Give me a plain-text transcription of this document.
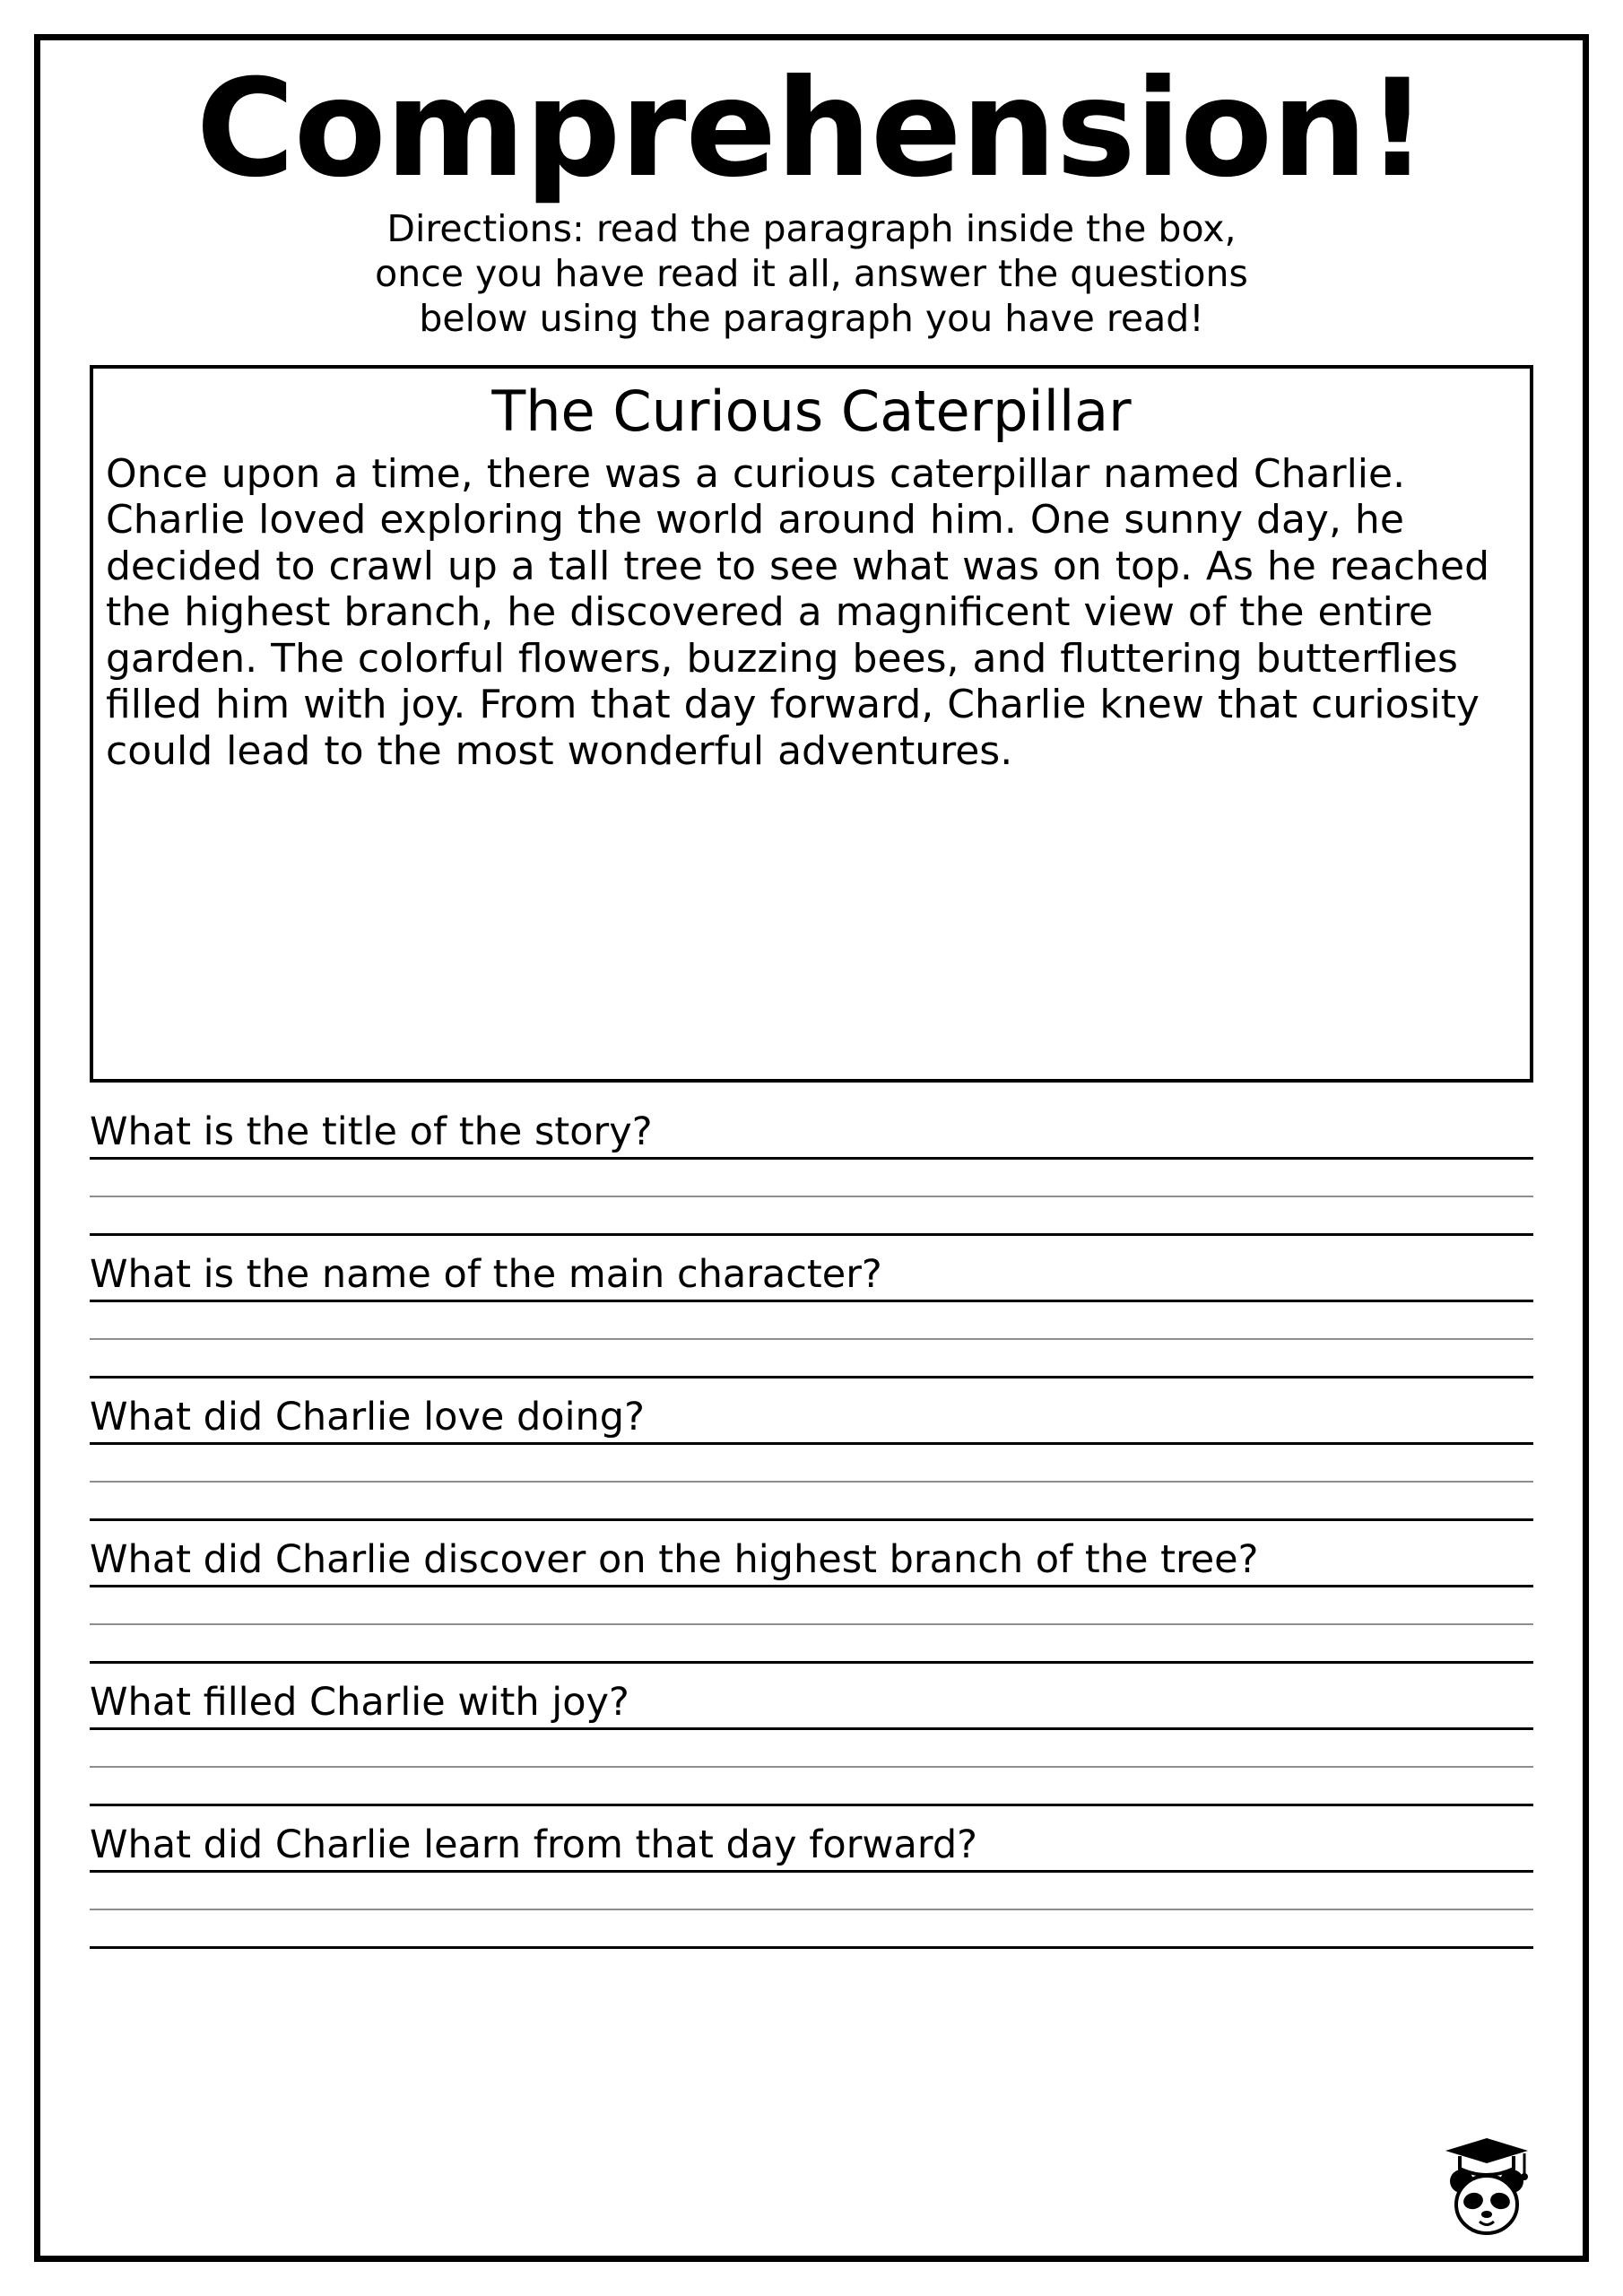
Comprehension!
Directions: read the paragraph inside the box,
once you have read it all, answer the questions
below using the paragraph you have read!
The Curious Caterpillar
Once upon a time, there was a curious caterpillar named Charlie. Charlie loved exploring the world around him. One sunny day, he decided to crawl up a tall tree to see what was on top. As he reached the highest branch, he discovered a magnificent view of the entire garden. The colorful flowers, buzzing bees, and fluttering butterflies filled him with joy. From that day forward, Charlie knew that curiosity could lead to the most wonderful adventures.
What is the title of the story?
What is the name of the main character?
What did Charlie love doing?
What did Charlie discover on the highest branch of the tree?
What filled Charlie with joy?
What did Charlie learn from that day forward?
